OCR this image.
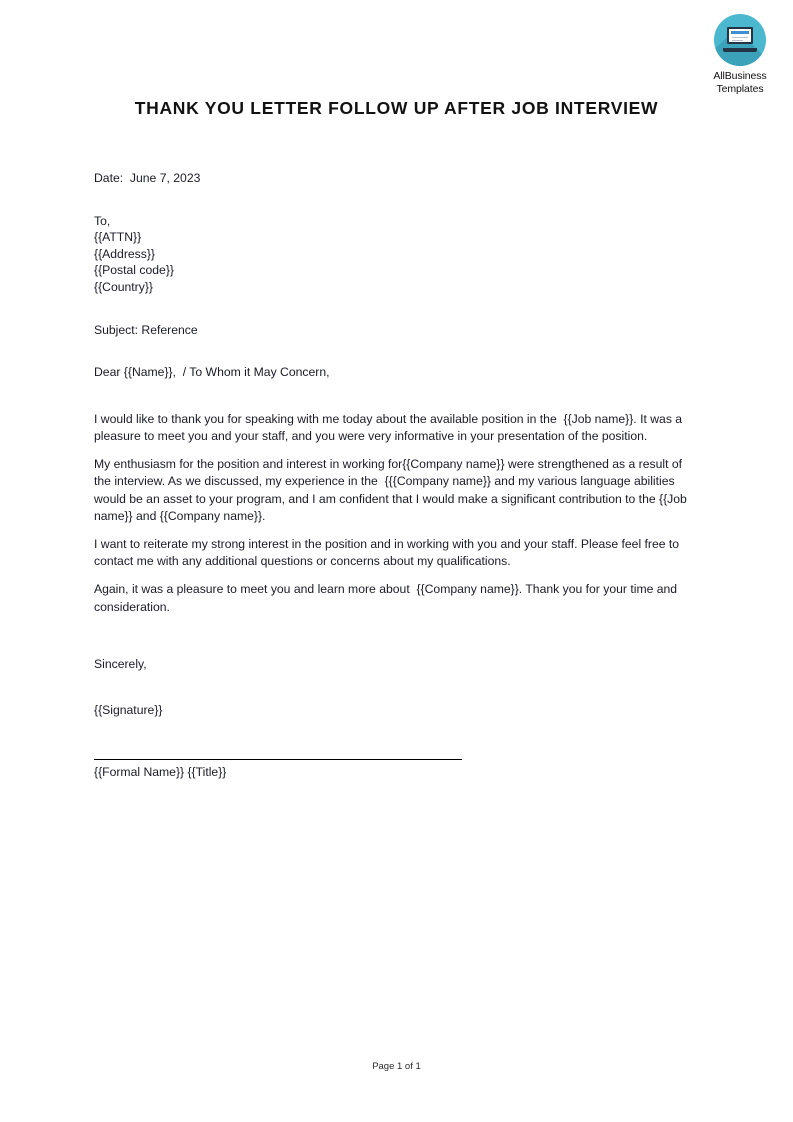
AllBusiness
Templates
THANK YOU LETTER FOLLOW UP AFTER JOB INTERVIEW
Date:  June 7, 2023
To,
{{ATTN}}
{{Address}}
{{Postal code}}
{{Country}}
Subject: Reference
Dear {{Name}},  / To Whom it May Concern,

I would like to thank you for speaking with me today about the available position in the  {{Job name}}. It was a pleasure to meet you and your staff, and you were very informative in your presentation of the position.

My enthusiasm for the position and interest in working for{{Company name}} were strengthened as a result of the interview. As we discussed, my experience in the  {{{Company name}} and my various language abilities would be an asset to your program, and I am confident that I would make a significant contribution to the {{Job name}} and {{Company name}}.

I want to reiterate my strong interest in the position and in working with you and your staff. Please feel free to contact me with any additional questions or concerns about my qualifications.

Again, it was a pleasure to meet you and learn more about  {{Company name}}. Thank you for your time and consideration.

Sincerely,
{{Signature}}
{{Formal Name}} {{Title}}
Page 1 of 1
